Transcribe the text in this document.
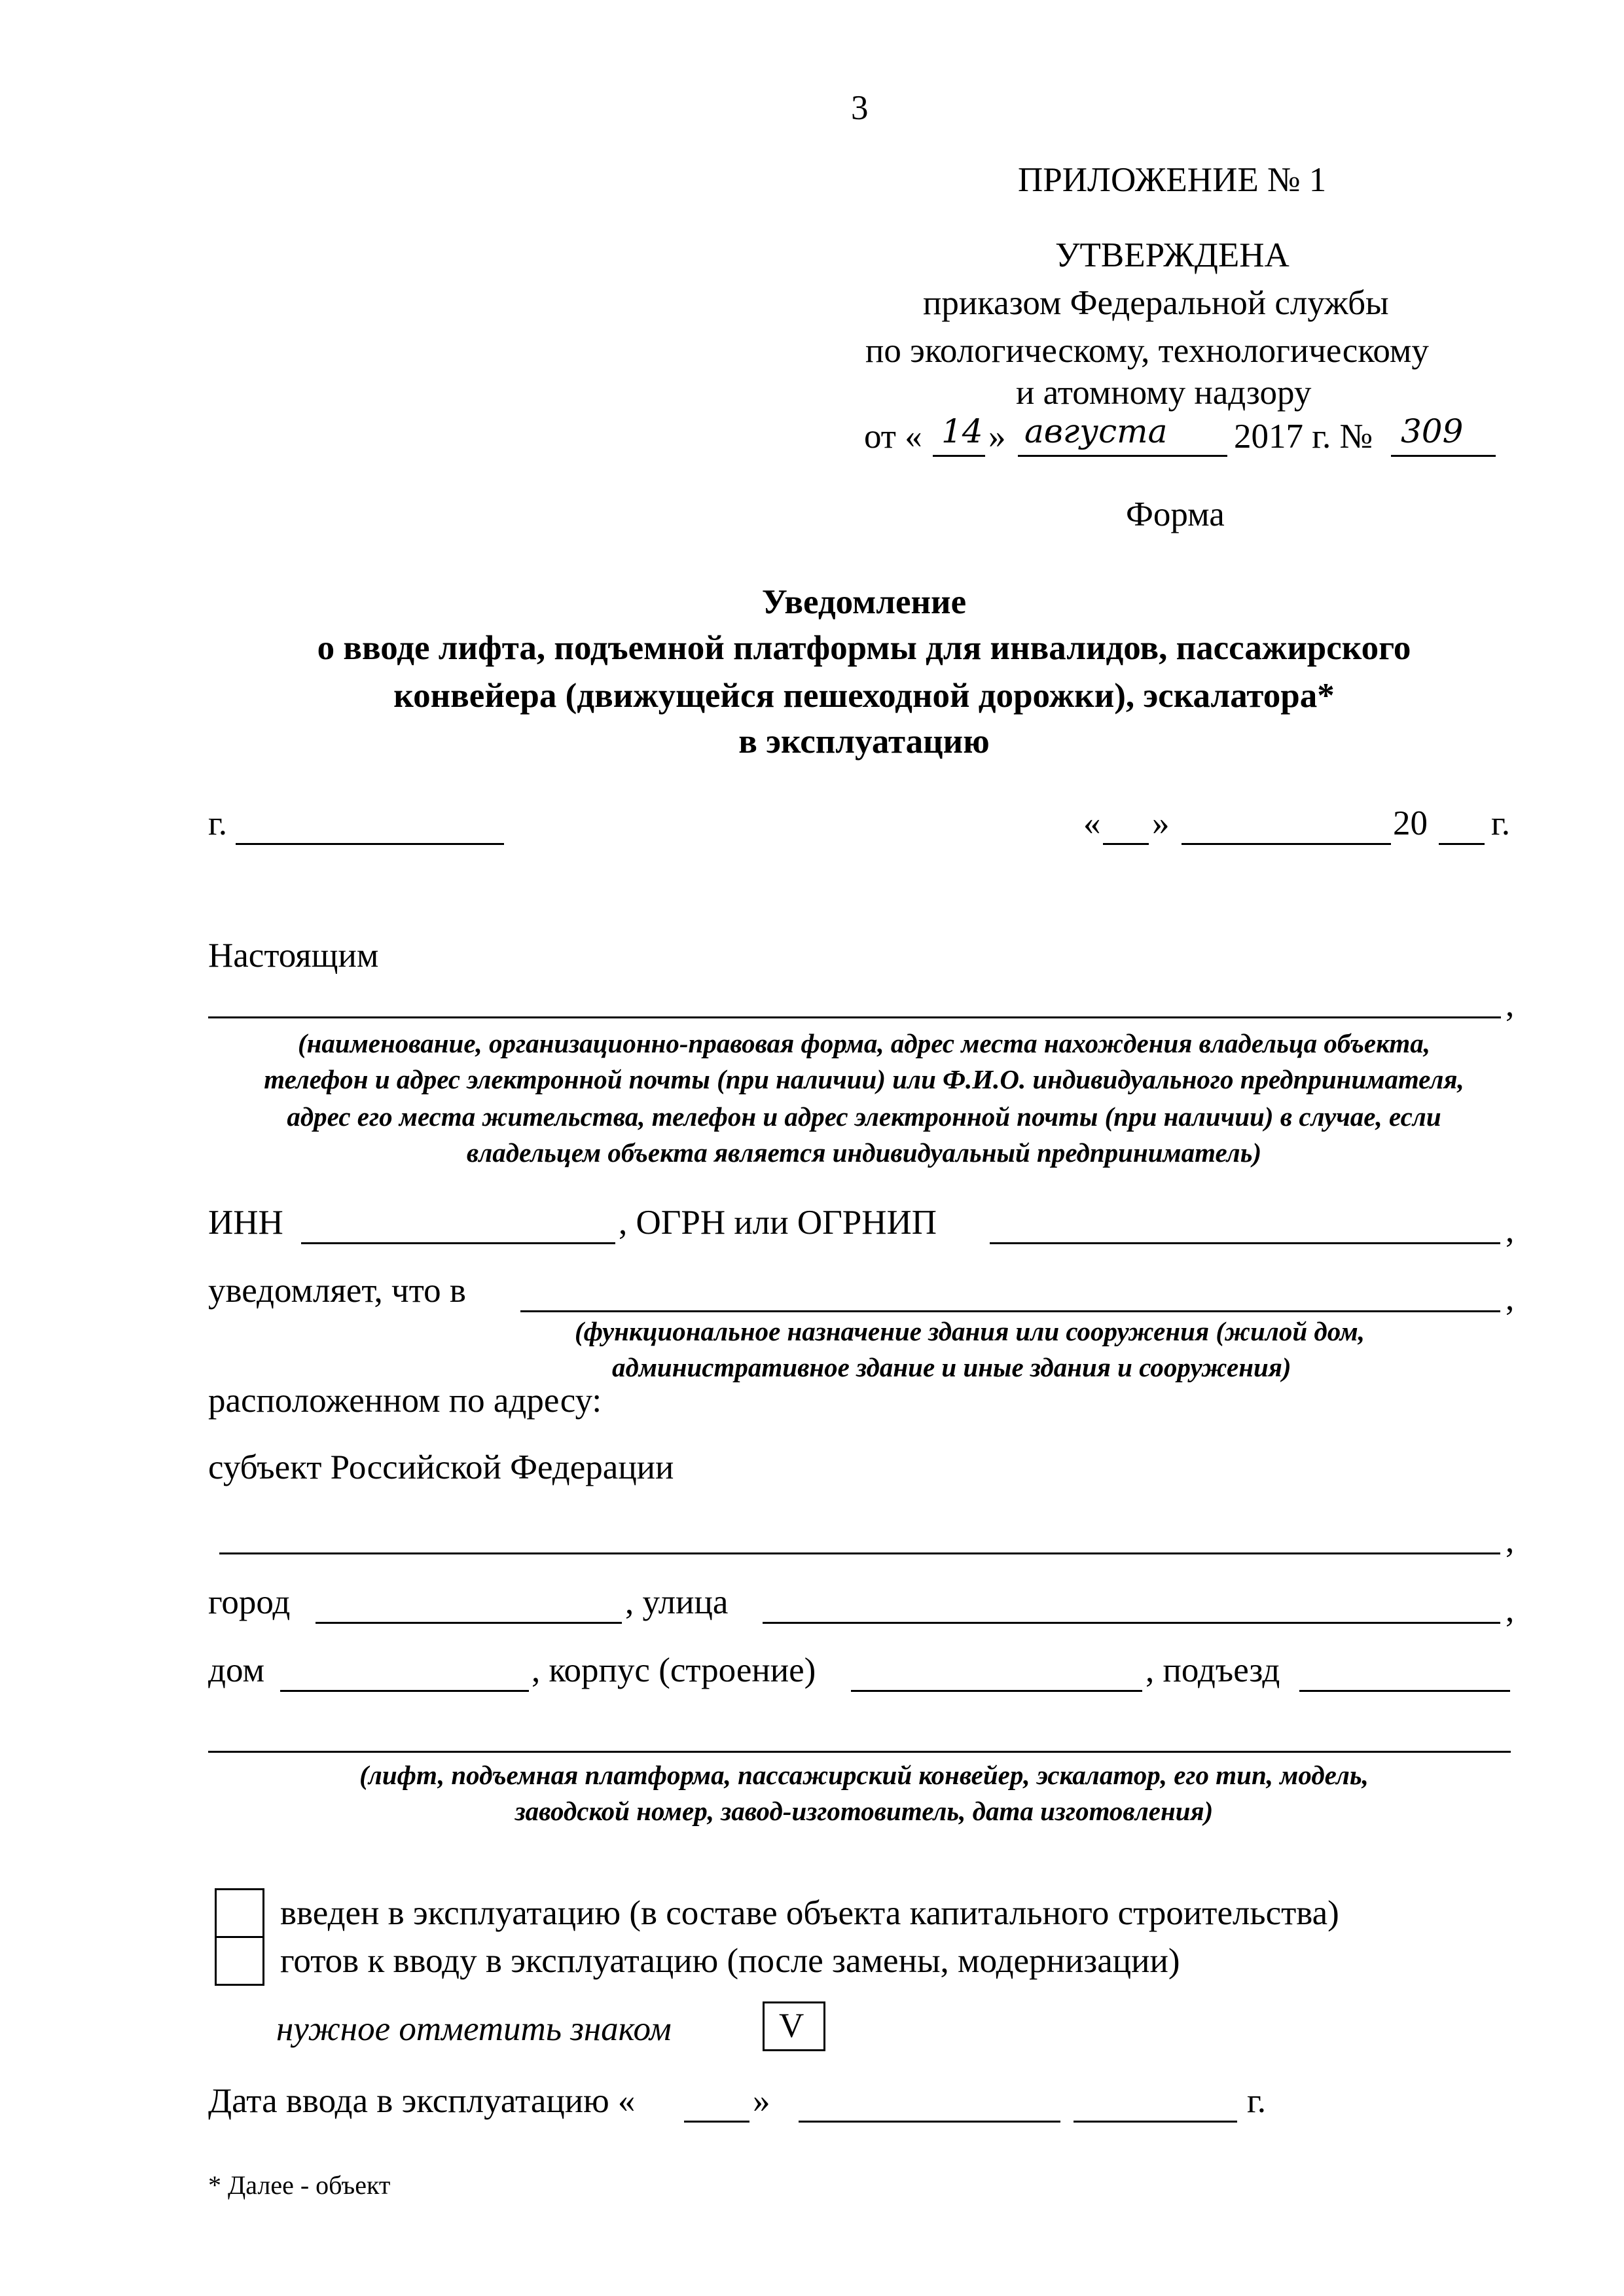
3
ПРИЛОЖЕНИЕ № 1
УТВЕРЖДЕНА
приказом Федеральной службы
по экологическому, технологическому
и атомному надзору
от « 14 » августа 2017 г. № 309
Форма
Уведомление
о вводе лифта, подъемной платформы для инвалидов, пассажирского
конвейера (движущейся пешеходной дорожки), эскалатора*
в эксплуатацию
г.	« »	20 г.
Настоящим
,
(наименование, организационно-правовая форма, адрес места нахождения владельца объекта,
телефон и адрес электронной почты (при наличии) или Ф.И.О. индивидуального предпринимателя,
адрес его места жительства, телефон и адрес электронной почты (при наличии) в случае, если
владельцем объекта является индивидуальный предприниматель)
ИНН	, ОГРН или ОГРНИП	,
уведомляет, что в	,
(функциональное назначение здания или сооружения (жилой дом,
административное здание и иные здания и сооружения)
расположенном по адресу:
субъект Российской Федерации
,
город	, улица	,
дом	, корпус (строение)	, подъезд
(лифт, подъемная платформа, пассажирский конвейер, эскалатор, его тип, модель,
заводской номер, завод-изготовитель, дата изготовления)
введен в эксплуатацию (в составе объекта капитального строительства)
готов к вводу в эксплуатацию (после замены, модернизации)
нужное отметить знаком	V
Дата ввода в эксплуатацию «	»	г.
* Далее - объект
